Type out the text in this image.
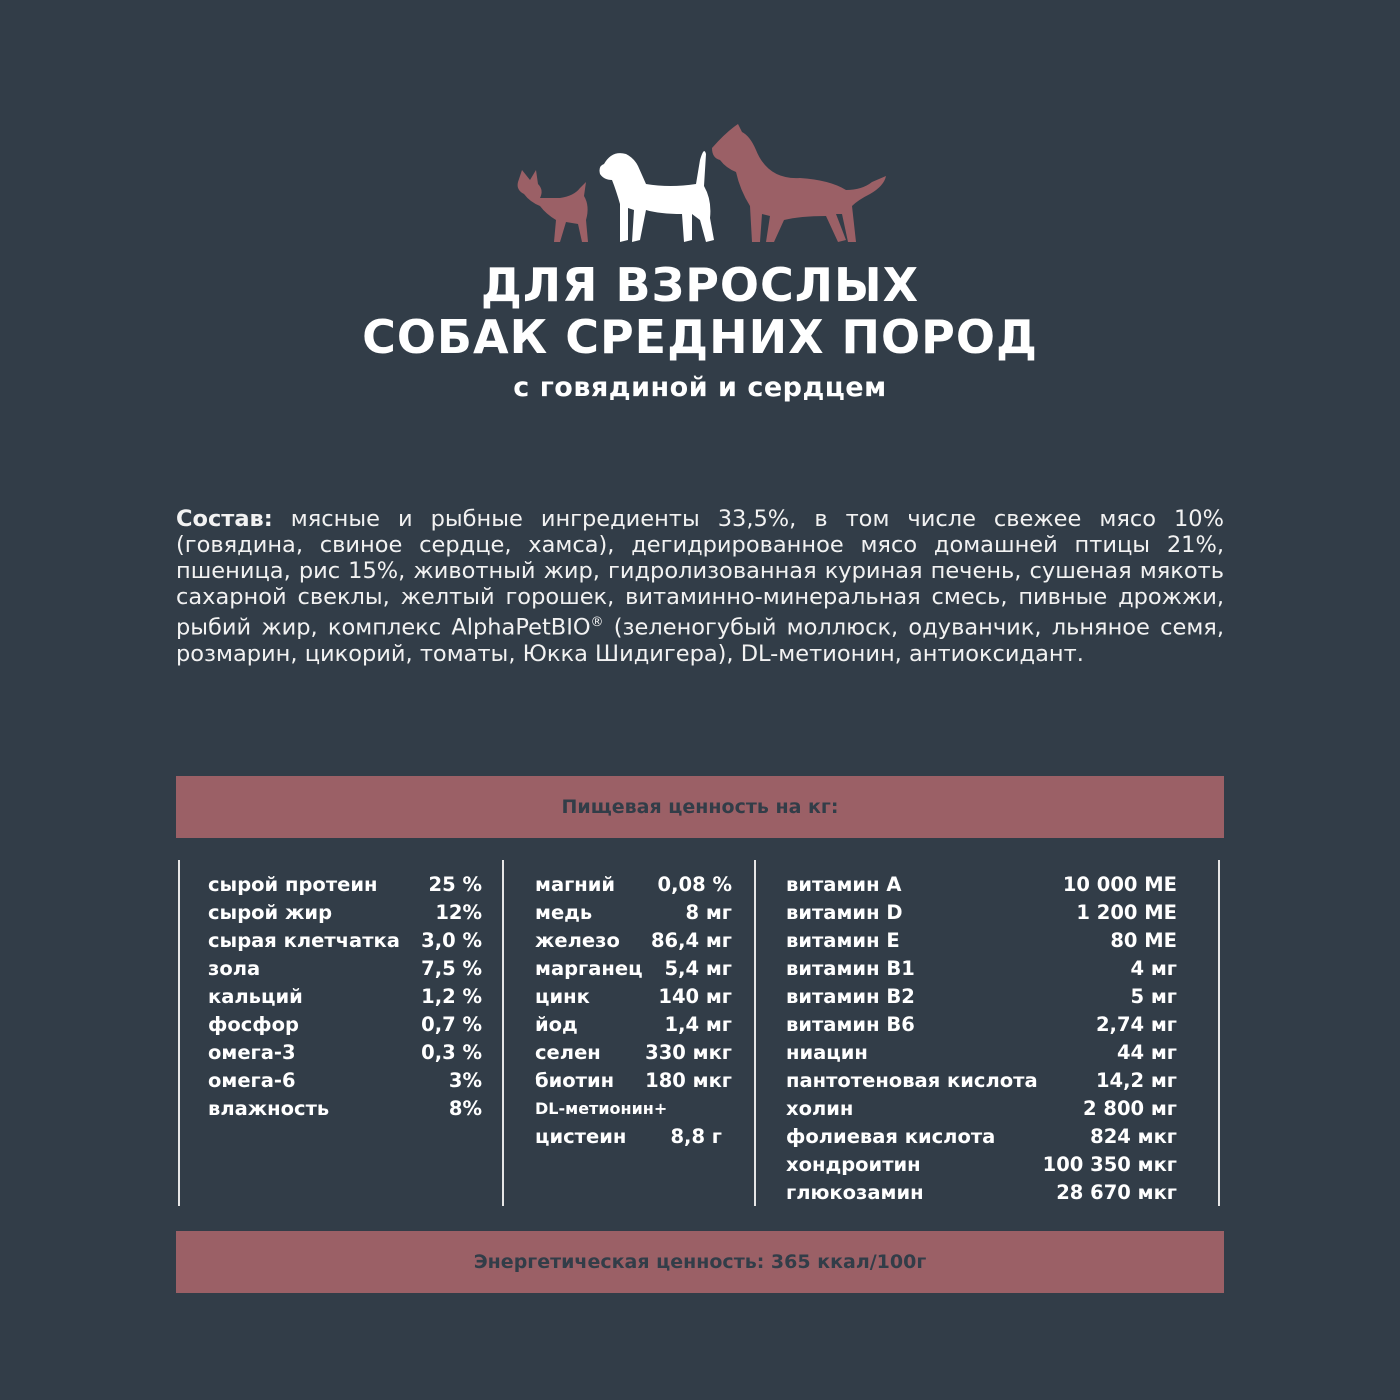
ДЛЯ ВЗРОСЛЫХ
СОБАК СРЕДНИХ ПОРОД
с говядиной и сердцем
Состав: мясные и рыбные ингредиенты 33,5%, в том числе свежее мясо 10% (говядина, свиное сердце, хамса), дегидрированное мясо домашней птицы 21%, пшеница, рис 15%, животный жир, гидролизованная куриная печень, сушеная мякоть сахарной свеклы, желтый горошек, витаминно-минеральная смесь, пивные дрожжи, рыбий жир, комплекс AlphaPetBIO® (зеленогубый моллюск, одуванчик, льняное семя, розмарин, цикорий, томаты, Юкка Шидигера), DL-метионин, антиоксидант.
Пищевая ценность на кг:
сырой протеин	25 %
сырой жир	12%
сырая клетчатка 3,0 %
зола	7,5 %
кальций	1,2 %
фосфор	0,7 %
омега-3	0,3 %
омега-6	3%
влажность	8%
магний 0,08 %
медь	8 мг
железо 86,4 мг
марганец 5,4 мг
цинк	140 мг
йод	1,4 мг
селен 330 мкг
биотин 180 мкг
DL-метионин+
цистеин 8,8 г
витамин А	10 000 МЕ
витамин D	1 200 МЕ
витамин Е	80 МЕ
витамин В1	4 мг
витамин В2	5 мг
витамин В6	2,74 мг
ниацин	44 мг
пантотеновая кислота	14,2 мг
холин	2 800 мг
фолиевая кислота	824 мкг
хондроитин	100 350 мкг
глюкозамин	28 670 мкг
Энергетическая ценность: 365 ккал/100г
